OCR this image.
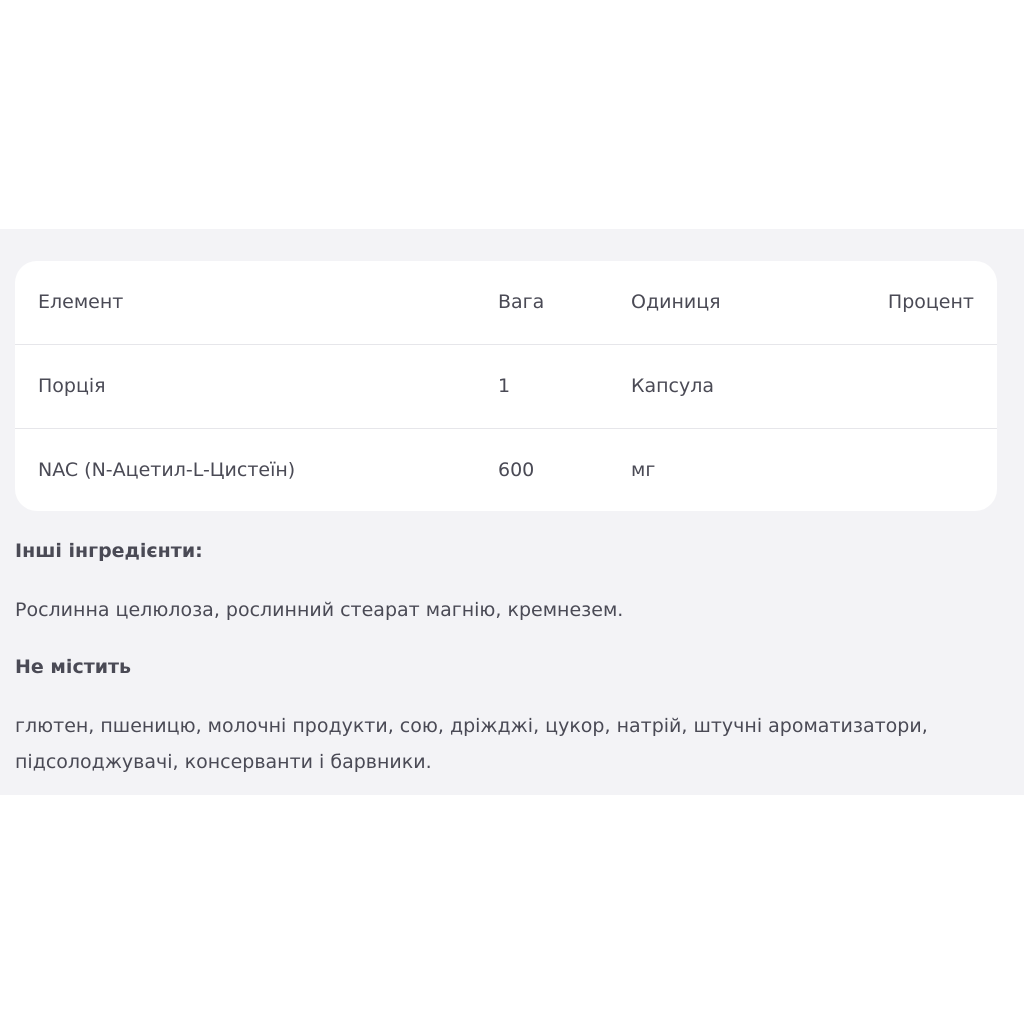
Елемент	Вага	Одиниця	Процент
Порція	1	Капсула
NAC (N-Ацетил-L-Цистеїн)	600	мг
Інші інгредієнти:
Рослинна целюлоза, рослинний стеарат магнію, кремнезем.
Не містить
глютен, пшеницю, молочні продукти, сою, дріжджі, цукор, натрій, штучні ароматизатори, підсолоджувачі, консерванти і барвники.
